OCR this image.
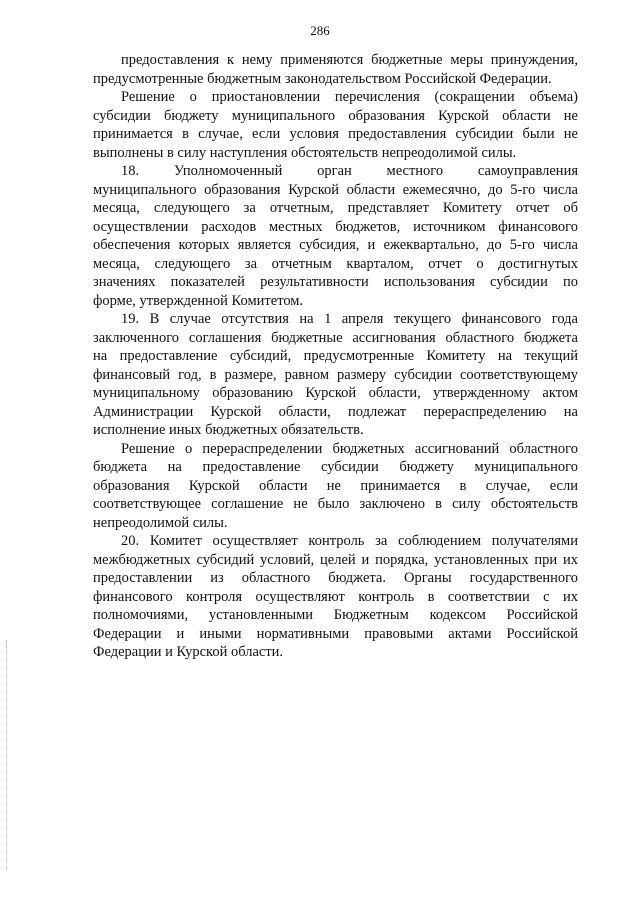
286
предоставления к нему применяются бюджетные меры принуждения,
предусмотренные бюджетным законодательством Российской Федерации.
Решение о приостановлении перечисления (сокращении объема)
субсидии бюджету муниципального образования Курской области не
принимается в случае, если условия предоставления субсидии были не
выполнены в силу наступления обстоятельств непреодолимой силы.
18. Уполномоченный орган местного самоуправления
муниципального образования Курской области ежемесячно, до 5-го числа
месяца, следующего за отчетным, представляет Комитету отчет об
осуществлении расходов местных бюджетов, источником финансового
обеспечения которых является субсидия, и ежеквартально, до 5-го числа
месяца, следующего за отчетным кварталом, отчет о достигнутых
значениях показателей результативности использования субсидии по
форме, утвержденной Комитетом.
19. В случае отсутствия на 1 апреля текущего финансового года
заключенного соглашения бюджетные ассигнования областного бюджета
на предоставление субсидий, предусмотренные Комитету на текущий
финансовый год, в размере, равном размеру субсидии соответствующему
муниципальному образованию Курской области, утвержденному актом
Администрации Курской области, подлежат перераспределению на
исполнение иных бюджетных обязательств.
Решение о перераспределении бюджетных ассигнований областного
бюджета на предоставление субсидии бюджету муниципального
образования Курской области не принимается в случае, если
соответствующее соглашение не было заключено в силу обстоятельств
непреодолимой силы.
20. Комитет осуществляет контроль за соблюдением получателями
межбюджетных субсидий условий, целей и порядка, установленных при их
предоставлении из областного бюджета. Органы государственного
финансового контроля осуществляют контроль в соответствии с их
полномочиями, установленными Бюджетным кодексом Российской
Федерации и иными нормативными правовыми актами Российской
Федерации и Курской области.
